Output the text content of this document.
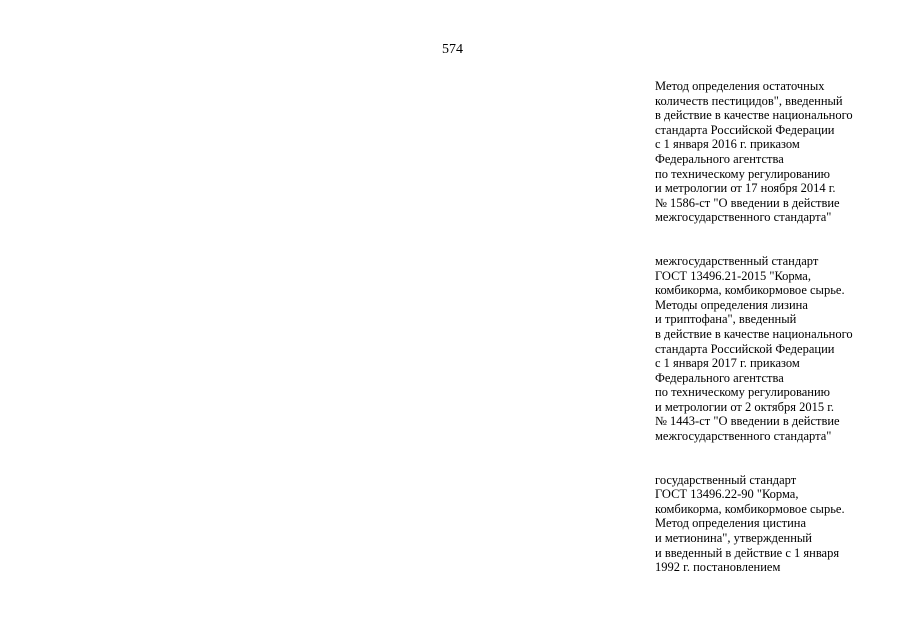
574
Метод определения остаточных
количеств пестицидов", введенный
в действие в качестве национального
стандарта Российской Федерации
с 1 января 2016 г. приказом
Федерального агентства
по техническому регулированию
и метрологии от 17 ноября 2014 г.
№ 1586-ст "О введении в действие
межгосударственного стандарта"
межгосударственный стандарт
ГОСТ 13496.21-2015 "Корма,
комбикорма, комбикормовое сырье.
Методы определения лизина
и триптофана", введенный
в действие в качестве национального
стандарта Российской Федерации
с 1 января 2017 г. приказом
Федерального агентства
по техническому регулированию
и метрологии от 2 октября 2015 г.
№ 1443-ст "О введении в действие
межгосударственного стандарта"
государственный стандарт
ГОСТ 13496.22-90 "Корма,
комбикорма, комбикормовое сырье.
Метод определения цистина
и метионина", утвержденный
и введенный в действие с 1 января
1992 г. постановлением
